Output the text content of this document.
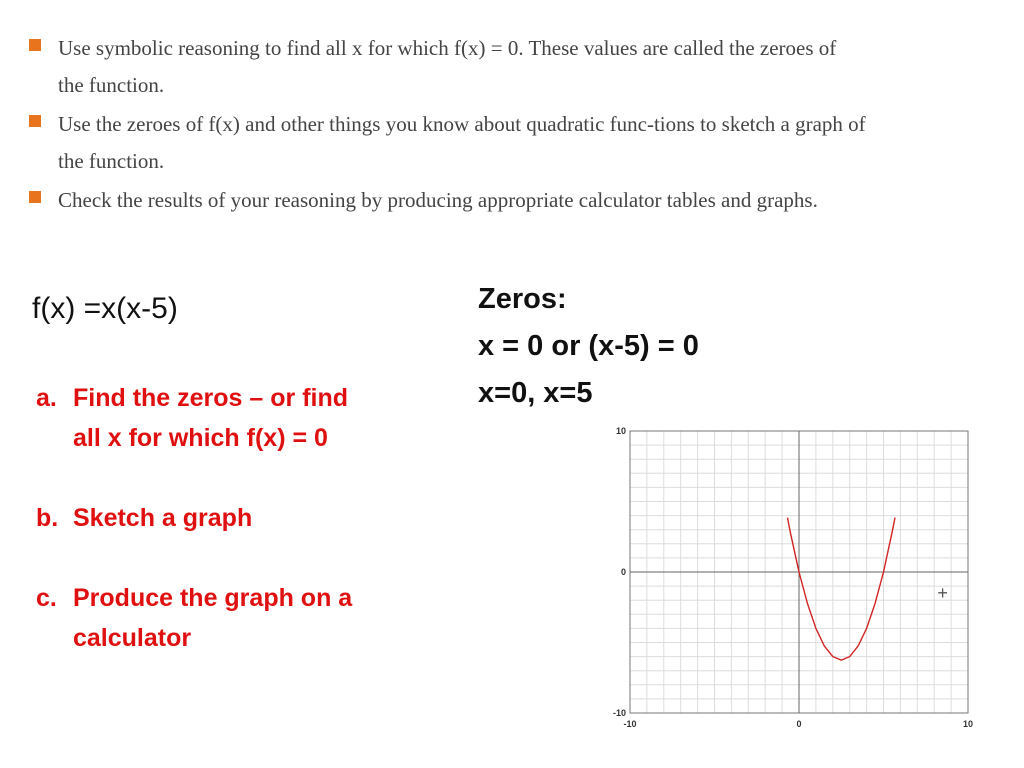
Use symbolic reasoning to find all x for which f(x) = 0. These values are called the zeroes of the function.
Use the zeroes of f(x) and other things you know about quadratic func-tions to sketch a graph of the function.
Check the results of your reasoning by producing appropriate calculator tables and graphs.
f(x) =x(x-5)
a. Find the zeros – or find all x for which f(x) = 0
b. Sketch a graph
c. Produce the graph on a calculator
Zeros:
x = 0 or (x-5) = 0
x=0, x=5
-10
0
10
-10	0	10
+
